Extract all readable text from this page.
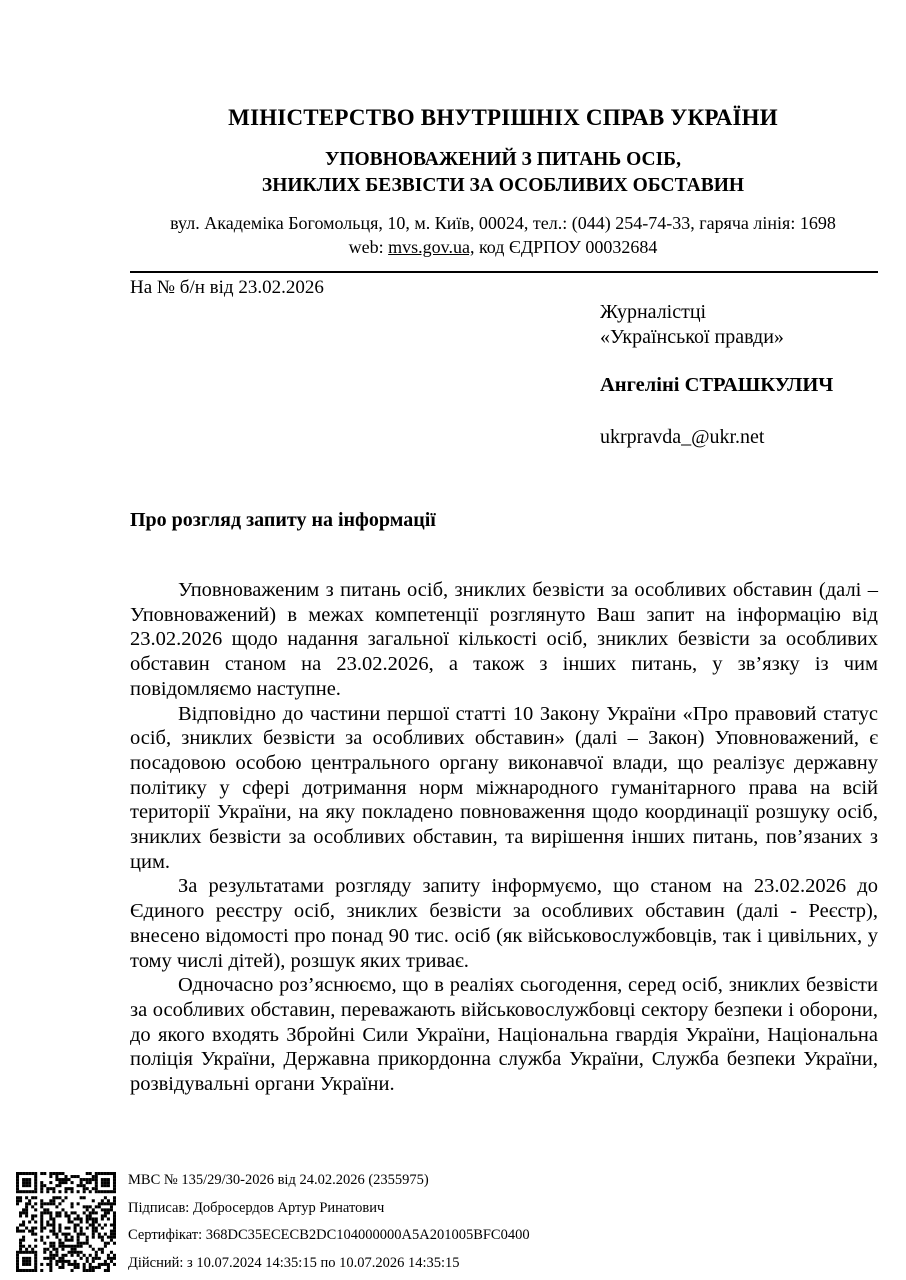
МІНІСТЕРСТВО ВНУТРІШНІХ СПРАВ УКРАЇНИ
УПОВНОВАЖЕНИЙ З ПИТАНЬ ОСІБ,
ЗНИКЛИХ БЕЗВІСТИ ЗА ОСОБЛИВИХ ОБСТАВИН
вул. Академіка Богомольця, 10, м. Київ, 00024, тел.: (044) 254-74-33, гаряча лінія: 1698
web: mvs.gov.ua, код ЄДРПОУ 00032684
На № б/н від 23.02.2026
Журналістці
«Української правди»
Ангеліні СТРАШКУЛИЧ
ukrpravda_@ukr.net
Про розгляд запиту на інформації

Уповноваженим з питань осіб, зниклих безвісти за особливих обставин (далі – Уповноважений) в межах компетенції розглянуто Ваш запит на інформацію від 23.02.2026 щодо надання загальної кількості осіб, зниклих безвісти за особливих обставин станом на 23.02.2026, а також з інших питань, у зв’язку із чим повідомляємо наступне.

Відповідно до частини першої статті 10 Закону України «Про правовий статус осіб, зниклих безвісти за особливих обставин» (далі – Закон) Уповноважений, є посадовою особою центрального органу виконавчої влади, що реалізує державну політику у сфері дотримання норм міжнародного гуманітарного права на всій території України, на яку покладено повноваження щодо координації розшуку осіб, зниклих безвісти за особливих обставин, та вирішення інших питань, пов’язаних з цим.

За результатами розгляду запиту інформуємо, що станом на 23.02.2026 до Єдиного реєстру осіб, зниклих безвісти за особливих обставин (далі - Реєстр), внесено відомості про понад 90 тис. осіб (як військовослужбовців, так і цивільних, у тому числі дітей), розшук яких триває.

Одночасно роз’яснюємо, що в реаліях сьогодення, серед осіб, зниклих безвісти за особливих обставин, переважають військовослужбовці сектору безпеки і оборони, до якого входять Збройні Сили України, Національна гвардія України, Національна поліція України, Державна прикордонна служба України, Служба безпеки України, розвідувальні органи України.

МВС № 135/29/30-2026 від 24.02.2026 (2355975)
Підписав: Добросердов Артур Ринатович
Сертифікат: 368DC35ECECB2DC104000000A5A201005BFC0400
Дійсний: з 10.07.2024 14:35:15 по 10.07.2026 14:35:15
